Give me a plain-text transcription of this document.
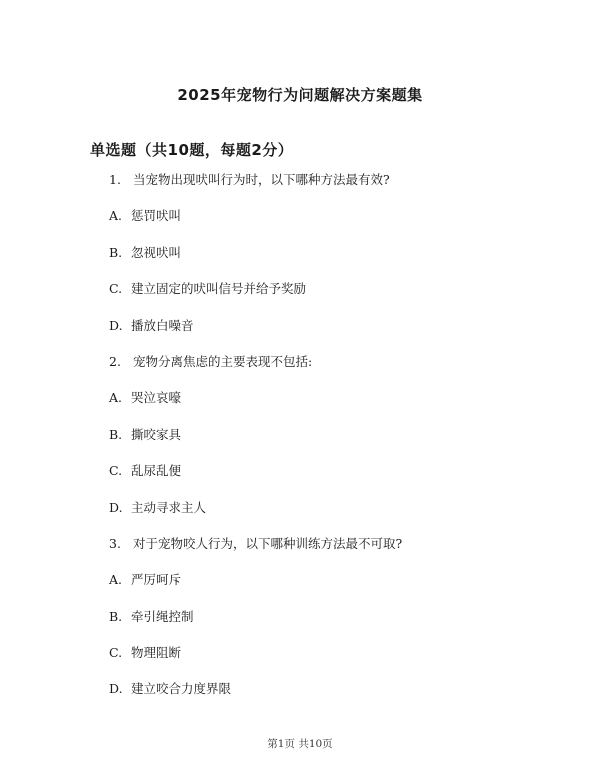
2025年宠物行为问题解决方案题集
单选题（共10题，每题2分）
1. 当宠物出现吠叫行为时，以下哪种方法最有效?
A. 惩罚吠叫
B. 忽视吠叫
C. 建立固定的吠叫信号并给予奖励
D. 播放白噪音
2. 宠物分离焦虑的主要表现不包括:
A. 哭泣哀嚎
B. 撕咬家具
C. 乱尿乱便
D. 主动寻求主人
3. 对于宠物咬人行为，以下哪种训练方法最不可取?
A. 严厉呵斥
B. 牵引绳控制
C. 物理阻断
D. 建立咬合力度界限
第1页 共10页
